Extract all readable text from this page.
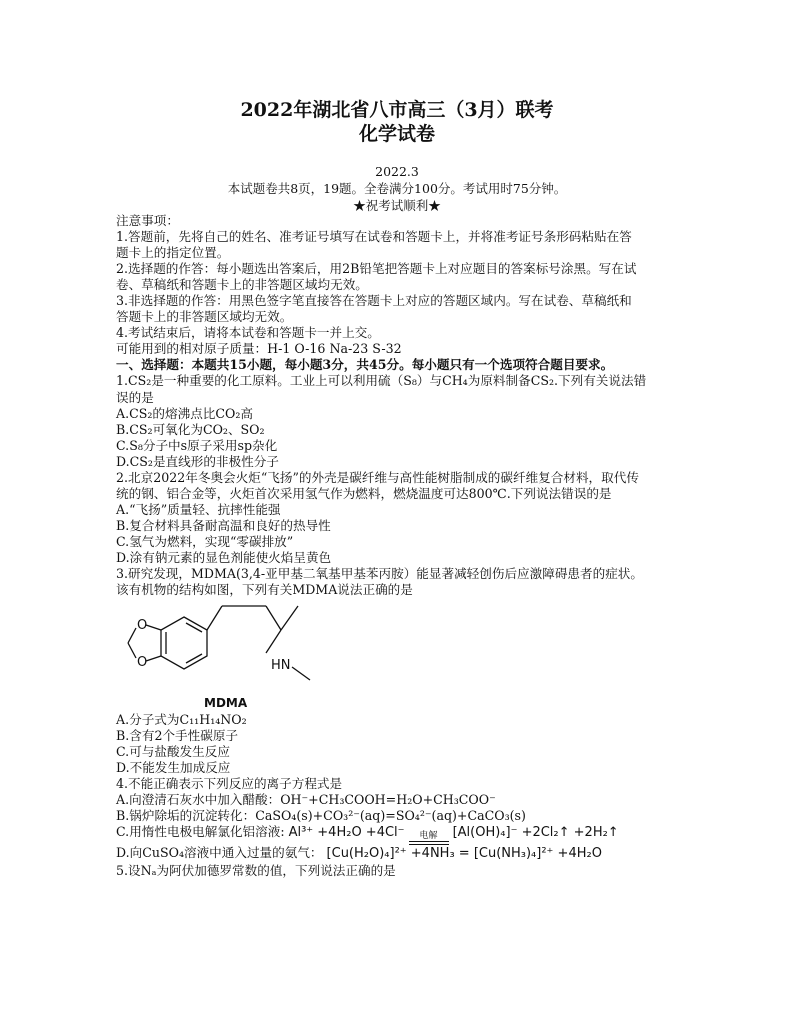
2022年湖北省八市高三（3月）联考
化学试卷
2022.3
本试题卷共8页，19题。全卷满分100分。考试用时75分钟。
★祝考试顺利★

注意事项：

1.答题前，先将自己的姓名、准考证号填写在试卷和答题卡上，并将准考证号条形码粘贴在答

题卡上的指定位置。

2.选择题的作答：每小题选出答案后，用2B铅笔把答题卡上对应题目的答案标号涂黑。写在试

卷、草稿纸和答题卡上的非答题区域均无效。

3.非选择题的作答：用黑色签字笔直接答在答题卡上对应的答题区域内。写在试卷、草稿纸和

答题卡上的非答题区域均无效。

4.考试结束后，请将本试卷和答题卡一并上交。

可能用到的相对原子质量：H-1 O-16 Na-23 S-32

一、选择题：本题共15小题，每小题3分，共45分。每小题只有一个选项符合题目要求。

1.CS₂是一种重要的化工原料。工业上可以利用硫（S₈）与CH₄为原料制备CS₂.下列有关说法错

误的是

A.CS₂的熔沸点比CO₂高

B.CS₂可氧化为CO₂、SO₂

C.S₈分子中s原子采用sp杂化

D.CS₂是直线形的非极性分子

2.北京2022年冬奥会火炬“飞扬”的外壳是碳纤维与高性能树脂制成的碳纤维复合材料，取代传

统的钢、铝合金等，火炬首次采用氢气作为燃料，燃烧温度可达800℃.下列说法错误的是

A.“飞扬”质量轻、抗摔性能强

B.复合材料具备耐高温和良好的热导性

C.氢气为燃料，实现“零碳排放”

D.涂有钠元素的显色剂能使火焰呈黄色

3.研究发现，MDMA(3,4-亚甲基二氧基甲基苯丙胺）能显著减轻创伤后应激障碍患者的症状。

该有机物的结构如图，下列有关MDMA说法正确的是

O
O	HN
MDMA

A.分子式为C₁₁H₁₄NO₂

B.含有2个手性碳原子

C.可与盐酸发生反应

D.不能发生加成反应

4.不能正确表示下列反应的离子方程式是

A.向澄清石灰水中加入醋酸：OH⁻+CH₃COOH=H₂O+CH₃COO⁻

B.锅炉除垢的沉淀转化：CaSO₄(s)+CO₃²⁻(aq)=SO₄²⁻(aq)+CaCO₃(s)

C.用惰性电极电解氯化铝溶液: Al³⁺ +4H₂O +4Cl⁻	电解	[Al(OH)₄]⁻ +2Cl₂↑ +2H₂↑

D.向CuSO₄溶液中通入过量的氨气： [Cu(H₂O)₄]²⁺ +4NH₃ = [Cu(NH₃)₄]²⁺ +4H₂O

5.设Nₐ为阿伏加德罗常数的值，下列说法正确的是
